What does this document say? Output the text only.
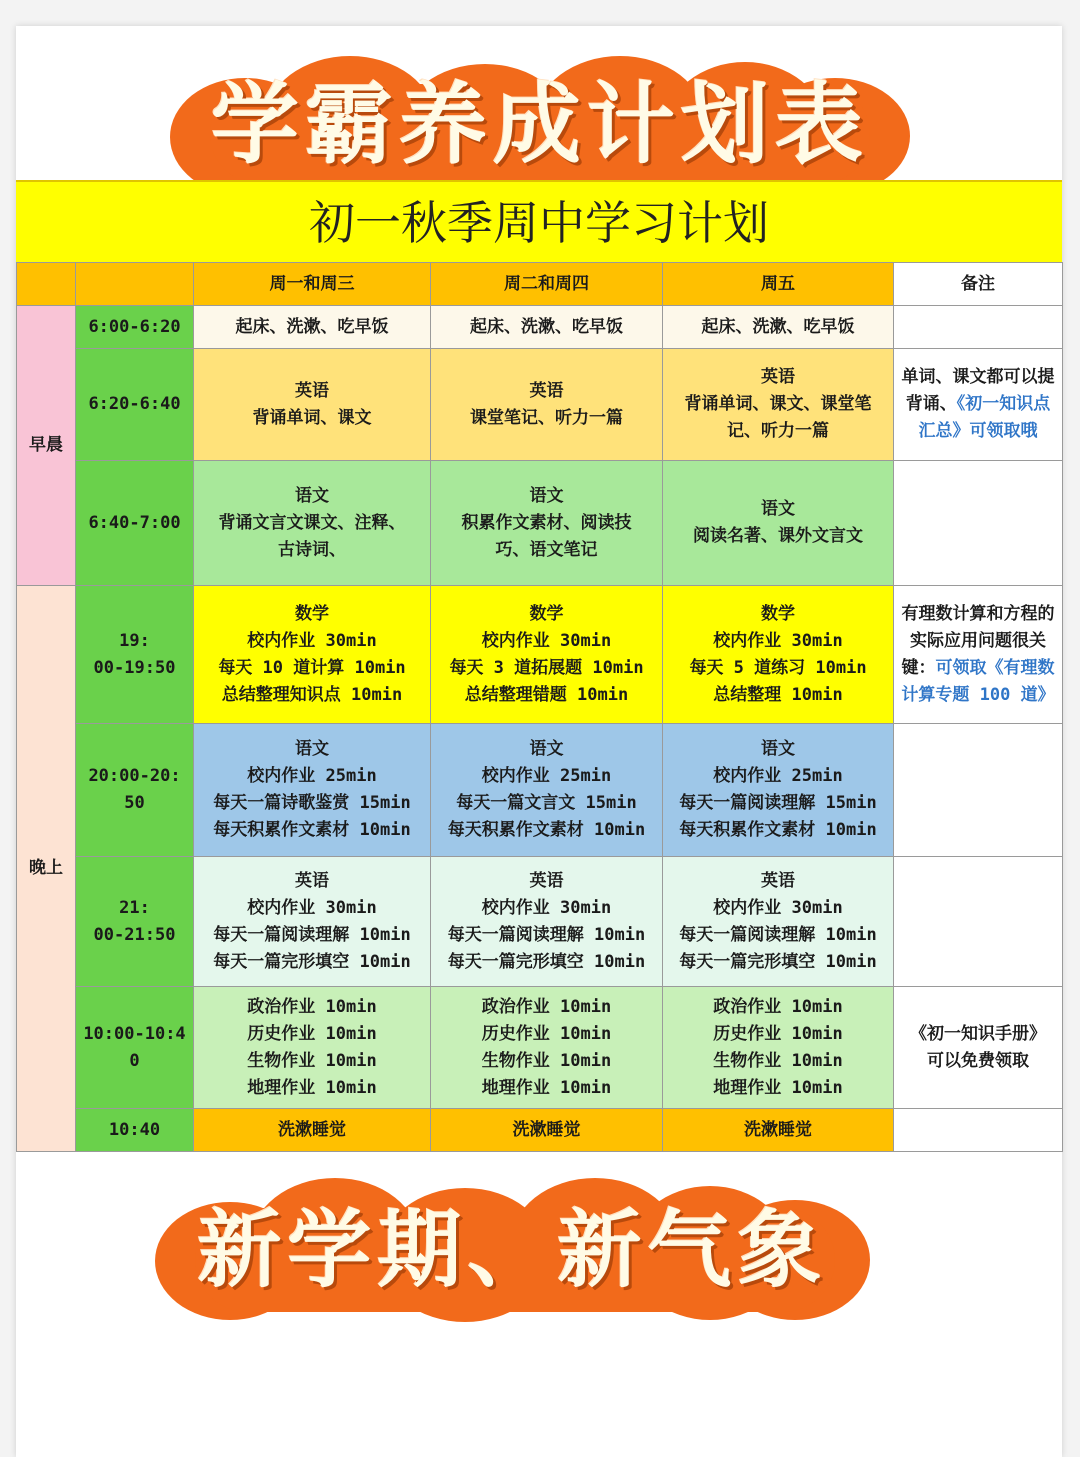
学霸养成计划表
初一秋季周中学习计划
		周一和周三	周二和周四	周五	备注
早晨	6:00-6:20	起床、洗漱、吃早饭	起床、洗漱、吃早饭	起床、洗漱、吃早饭	
	6:20-6:40	英语
背诵单词、课文	英语
课堂笔记、听力一篇	英语
背诵单词、课文、课堂笔
记、听力一篇	单词、课文都可以提背诵、《初一知识点汇总》可领取哦
	6:40-7:00	语文
背诵文言文课文、注释、
古诗词、	语文
积累作文素材、阅读技
巧、语文笔记	语文
阅读名著、课外文言文	
晚上	19:
00-19:50	数学
校内作业 30min
每天 10 道计算 10min
总结整理知识点 10min	数学
校内作业 30min
每天 3 道拓展题 10min
总结整理错题 10min	数学
校内作业 30min
每天 5 道练习 10min
总结整理 10min	有理数计算和方程的实际应用问题很关键：可领取《有理数计算专题 100 道》
	20:00-20:
50	语文
校内作业 25min
每天一篇诗歌鉴赏 15min
每天积累作文素材 10min	语文
校内作业 25min
每天一篇文言文 15min
每天积累作文素材 10min	语文
校内作业 25min
每天一篇阅读理解 15min
每天积累作文素材 10min	
	21:
00-21:50	英语
校内作业 30min
每天一篇阅读理解 10min
每天一篇完形填空 10min	英语
校内作业 30min
每天一篇阅读理解 10min
每天一篇完形填空 10min	英语
校内作业 30min
每天一篇阅读理解 10min
每天一篇完形填空 10min	
	10:00-10:4
0	政治作业 10min
历史作业 10min
生物作业 10min
地理作业 10min	政治作业 10min
历史作业 10min
生物作业 10min
地理作业 10min	政治作业 10min
历史作业 10min
生物作业 10min
地理作业 10min	《初一知识手册》
可以免费领取
	10:40	洗漱睡觉	洗漱睡觉	洗漱睡觉	
新学期、新气象
